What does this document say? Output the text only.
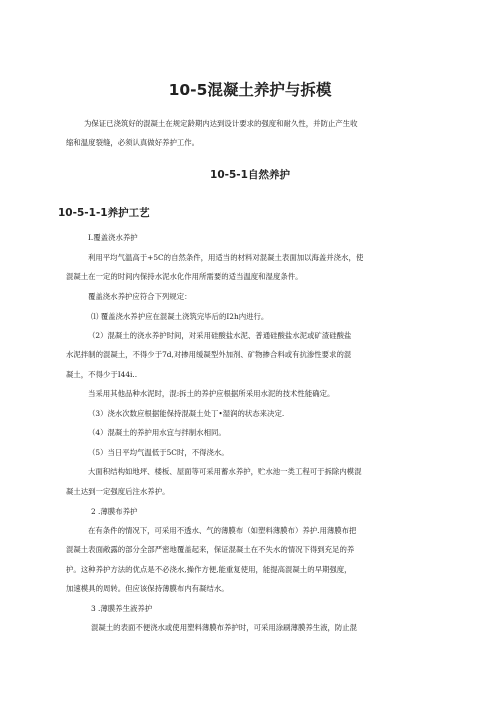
10-5混凝土养护与拆模
为保证已浇筑好的混凝土在规定龄期内达到设计要求的强度和耐久性，并防止产生收
缩和温度裂缝，必须认真做好养护工作。
10-5-1自然养护
10-5-1-1养护工艺
I.覆盖浇水养护
利用平均气温高于+5C的自然条件，用适当的材料对混凝土表面加以海盖并浇水，使
混凝土在一定的时间内保持水泥水化作用所需要的适当温度和湿度条件。
覆盖浇水养护应符合下列规定：
⑴ 覆盖浇水养护应在混凝土浇筑完毕后的I2h内进行。
（2）混凝土的浇水养护时间，对采用硅酸盐水泥、普通硅酸盐水泥或矿渣硅酸盐
水泥拌制的混凝土，不得少于7d,对掺用缓凝型外加剂、矿物掺合料或有抗渗性要求的混
凝土，不得少于I44i..
当采用其他品种水泥时，混:拆土的养护应根据所采用水泥的技术性能确定。
（3）浇水次数应根据能保持混凝土处丁•湿润的状态来决定.
（4）混凝土的养护用水宜与拌制水相同。
（5）当日平均气温低于5C时，不得浇水。
大面积结构如地坪、楼板、屋面等可采用蓄水养护，贮水池一类工程可于拆除内模混
凝土达到一定强度后注水养护。
2 .薄膜布养护
在有条件的情况下，可采用不透水、气的薄膜布（如塑料薄膜布）养护.用薄膜布把
混凝土表面敞露的部分全部严密地覆盖起来，保证混凝土在不失水的情况下得到充足的养
护。这种养护方法的优点是不必浇水,操作方便,能重复使用，能提高混凝土的早期强度，
加速模具的周转。但应该保持薄膜布内有凝结水。
3 .薄膜养生液养护
混凝土的表面不便浇水或使用塑料薄膜布养护时，可采用涂刷薄膜养生液，防止混
